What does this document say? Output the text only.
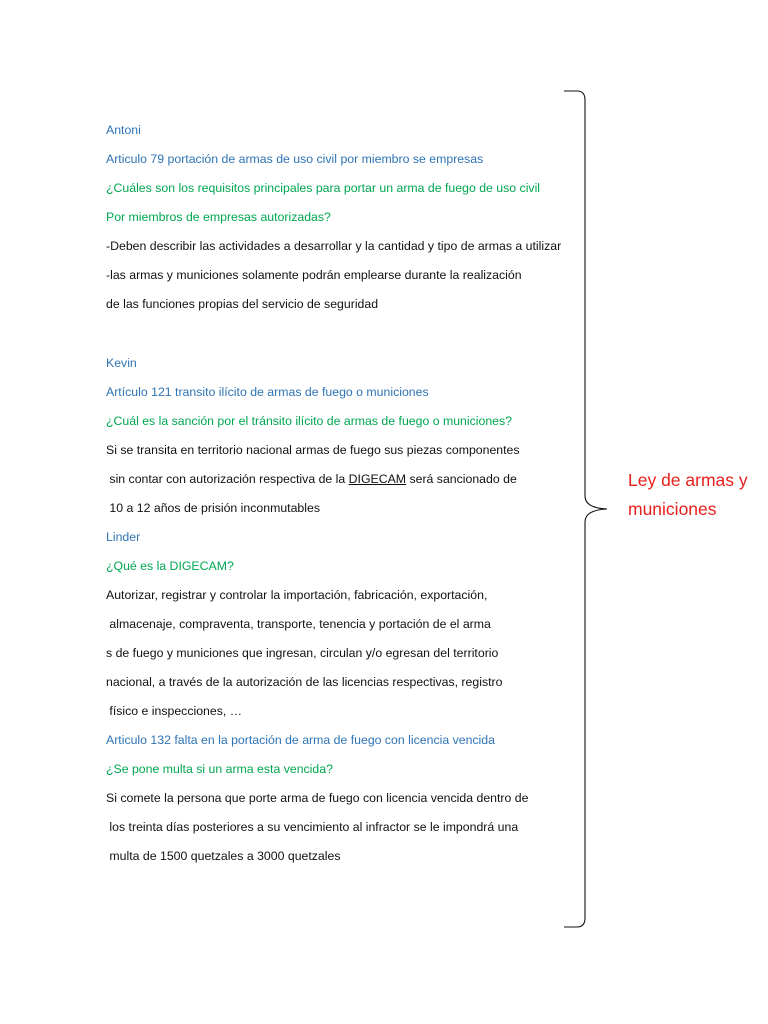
Antoni
Articulo 79 portación de armas de uso civil por miembro se empresas
¿Cuáles son los requisitos principales para portar un arma de fuego de uso civil
Por miembros de empresas autorizadas?
-Deben describir las actividades a desarrollar y la cantidad y tipo de armas a utilizar
-las armas y municiones solamente podrán emplearse durante la realización
de las funciones propias del servicio de seguridad
Kevin
Artículo 121 transito ilícito de armas de fuego o municiones
¿Cuál es la sanción por el tránsito ilícito de armas de fuego o municiones?
Si se transita en territorio nacional armas de fuego sus piezas componentes
sin contar con autorización respectiva de la DIGECAM será sancionado de
10 a 12 años de prisión inconmutables
Linder
¿Qué es la DIGECAM?
Autorizar, registrar y controlar la importación, fabricación, exportación,
almacenaje, compraventa, transporte, tenencia y portación de el arma
s de fuego y municiones que ingresan, circulan y/o egresan del territorio
nacional, a través de la autorización de las licencias respectivas, registro
físico e inspecciones, …
Articulo 132 falta en la portación de arma de fuego con licencia vencida
¿Se pone multa si un arma esta vencida?
Si comete la persona que porte arma de fuego con licencia vencida dentro de
los treinta días posteriores a su vencimiento al infractor se le impondrá una
multa de 1500 quetzales a 3000 quetzales
Ley de armas y
municiones
